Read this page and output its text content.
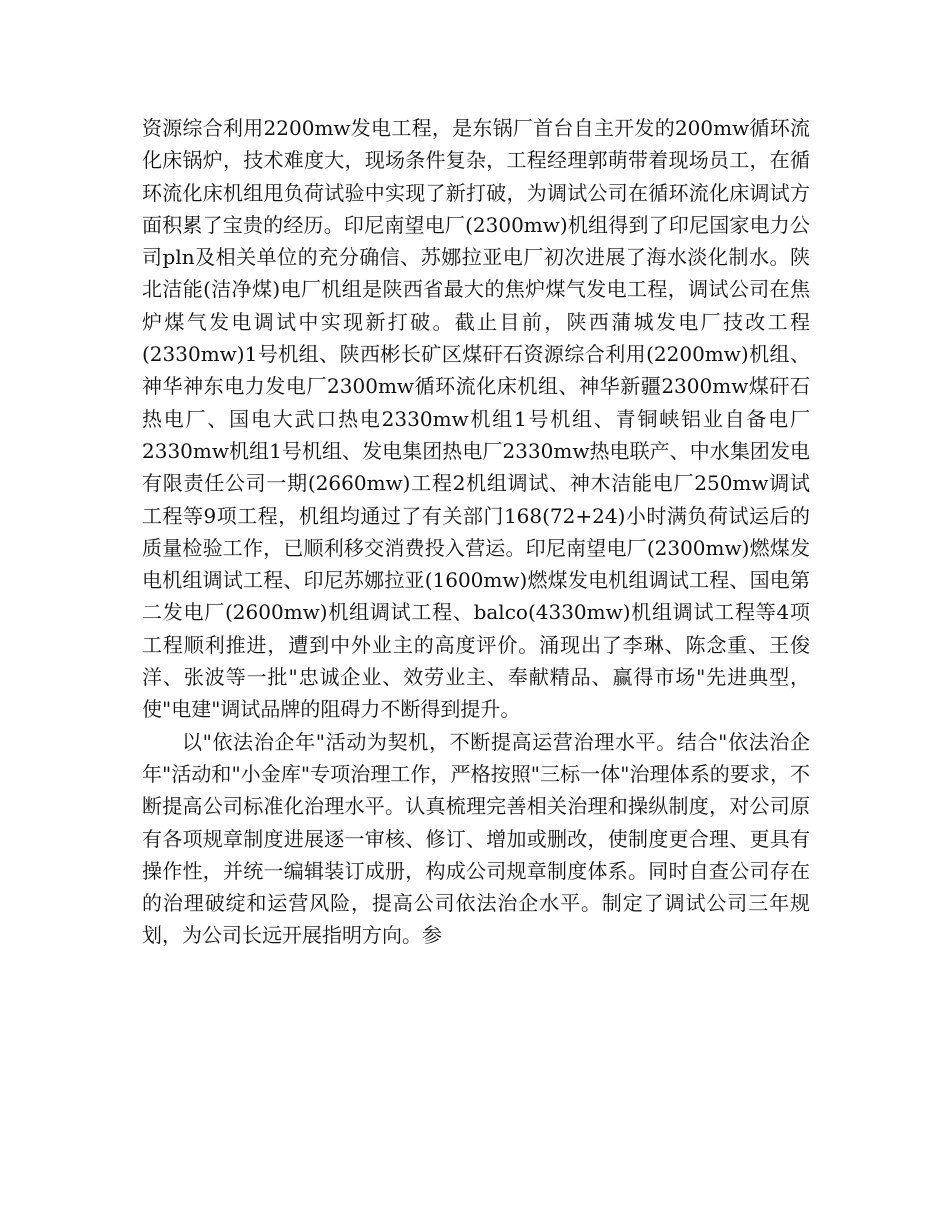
资源综合利用2200mw发电工程，是东锅厂首台自主开发的200mw循环流化床锅炉，技术难度大，现场条件复杂，工程经理郭萌带着现场员工，在循环流化床机组甩负荷试验中实现了新打破，为调试公司在循环流化床调试方面积累了宝贵的经历。印尼南望电厂(2300mw)机组得到了印尼国家电力公司pln及相关单位的充分确信、苏娜拉亚电厂初次进展了海水淡化制水。陕北洁能(洁净煤)电厂机组是陕西省最大的焦炉煤气发电工程，调试公司在焦炉煤气发电调试中实现新打破。截止目前，陕西蒲城发电厂技改工程(2330mw)1号机组、陕西彬长矿区煤矸石资源综合利用(2200mw)机组、神华神东电力发电厂2300mw循环流化床机组、神华新疆2300mw煤矸石热电厂、国电大武口热电2330mw机组1号机组、青铜峡铝业自备电厂2330mw机组1号机组、发电集团热电厂2330mw热电联产、中水集团发电有限责任公司一期(2660mw)工程2机组调试、神木洁能电厂250mw调试工程等9项工程，机组均通过了有关部门168(72+24)小时满负荷试运后的质量检验工作，已顺利移交消费投入营运。印尼南望电厂(2300mw)燃煤发电机组调试工程、印尼苏娜拉亚(1600mw)燃煤发电机组调试工程、国电第二发电厂(2600mw)机组调试工程、balco(4330mw)机组调试工程等4项工程顺利推进，遭到中外业主的高度评价。涌现出了李琳、陈念重、王俊洋、张波等一批"忠诚企业、效劳业主、奉献精品、赢得市场"先进典型，使"电建"调试品牌的阻碍力不断得到提升。

以"依法治企年"活动为契机，不断提高运营治理水平。结合"依法治企年"活动和"小金库"专项治理工作，严格按照"三标一体"治理体系的要求，不断提高公司标准化治理水平。认真梳理完善相关治理和操纵制度，对公司原有各项规章制度进展逐一审核、修订、增加或删改，使制度更合理、更具有操作性，并统一编辑装订成册，构成公司规章制度体系。同时自查公司存在的治理破绽和运营风险，提高公司依法治企水平。制定了调试公司三年规划，为公司长远开展指明方向。参
